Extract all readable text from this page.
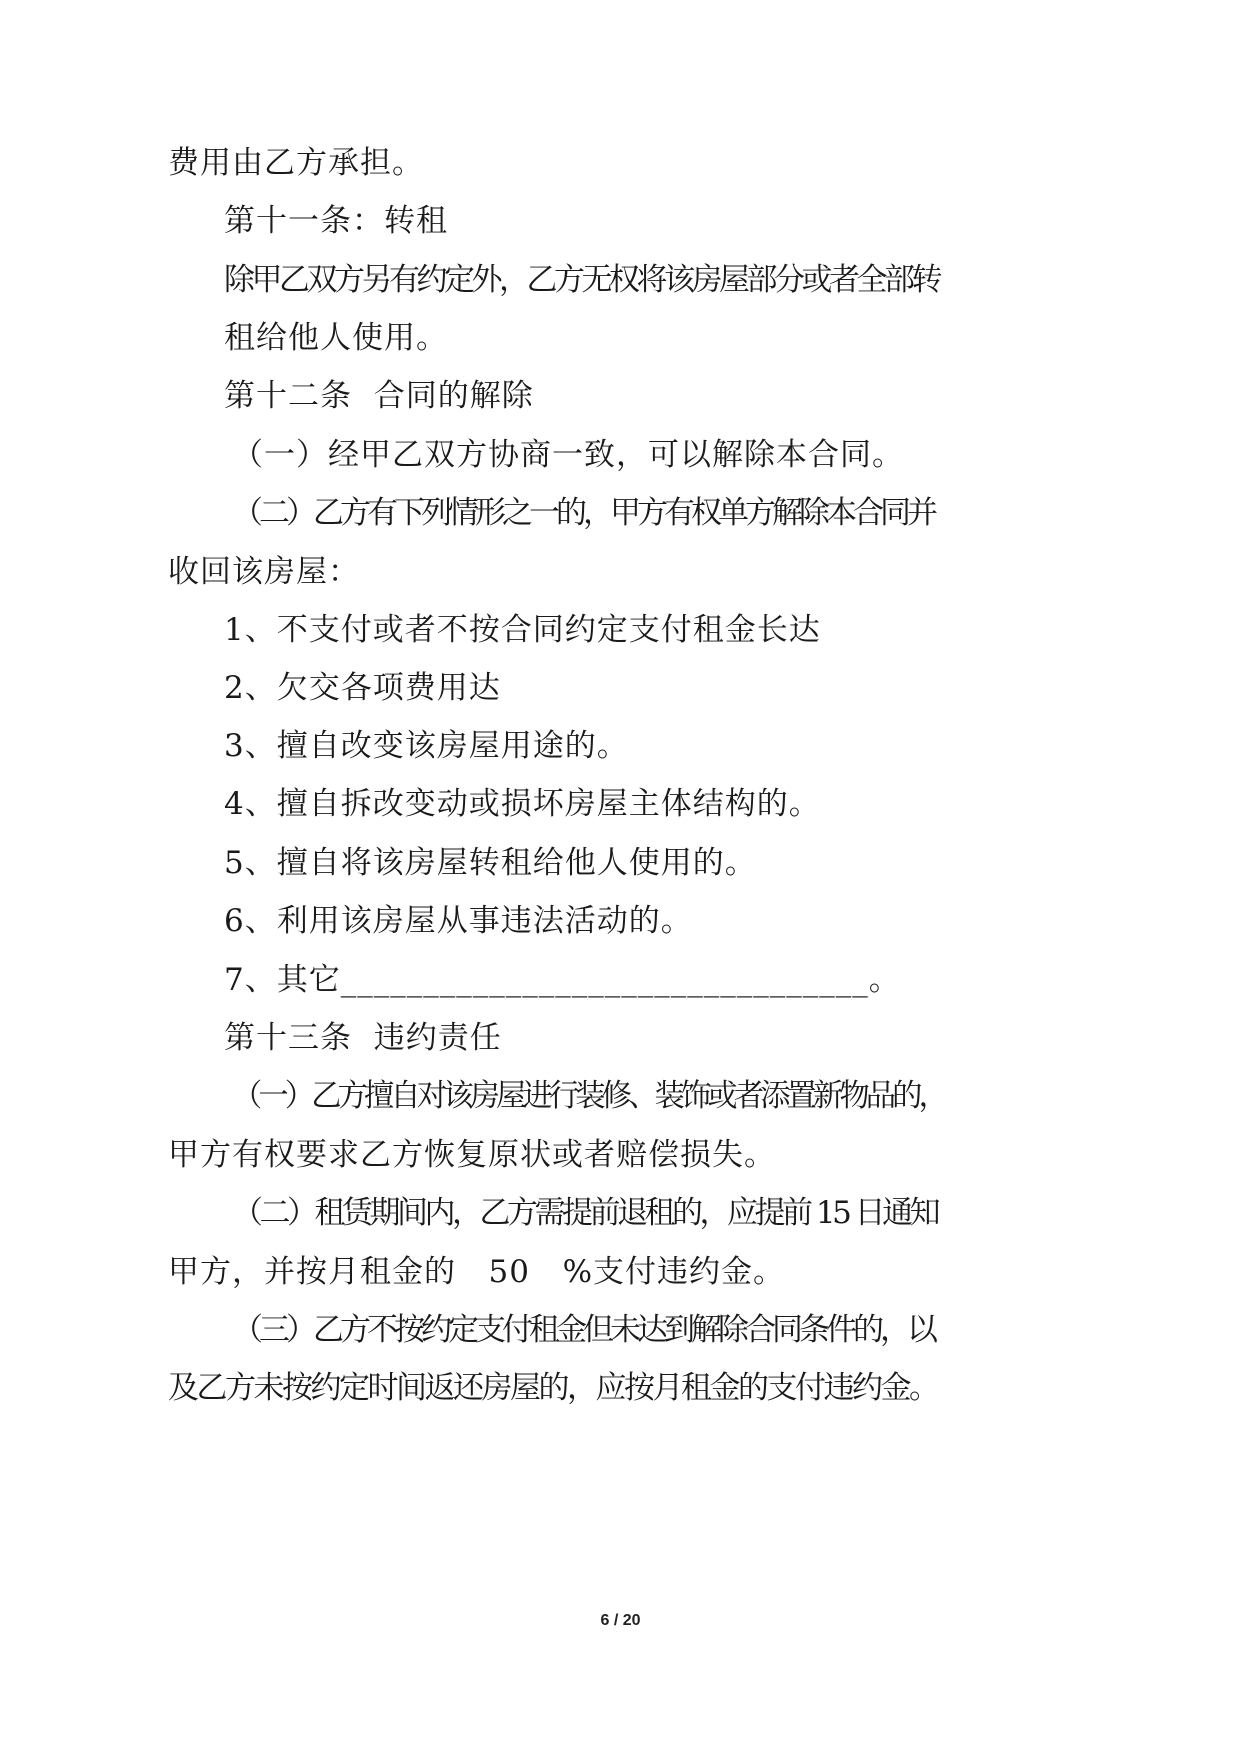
费用由乙方承担。
第十一条：转租
除甲乙双方另有约定外，乙方无权将该房屋部分或者全部转
租给他人使用。
第十二条  合同的解除
（一）经甲乙双方协商一致，可以解除本合同。
（二）乙方有下列情形之一的，甲方有权单方解除本合同并
收回该房屋：
1、不支付或者不按合同约定支付租金长达
2、欠交各项费用达
3、擅自改变该房屋用途的。
4、擅自拆改变动或损坏房屋主体结构的。
5、擅自将该房屋转租给他人使用的。
6、利用该房屋从事违法活动的。
7、其它________________________________。
第十三条  违约责任
（一）乙方擅自对该房屋进行装修、装饰或者添置新物品的，
甲方有权要求乙方恢复原状或者赔偿损失。
（二）租赁期间内，乙方需提前退租的，应提前 15 日通知
甲方，并按月租金的   50   %支付违约金。
（三）乙方不按约定支付租金但未达到解除合同条件的，以
及乙方未按约定时间返还房屋的，应按月租金的支付违约金。
6 / 20
